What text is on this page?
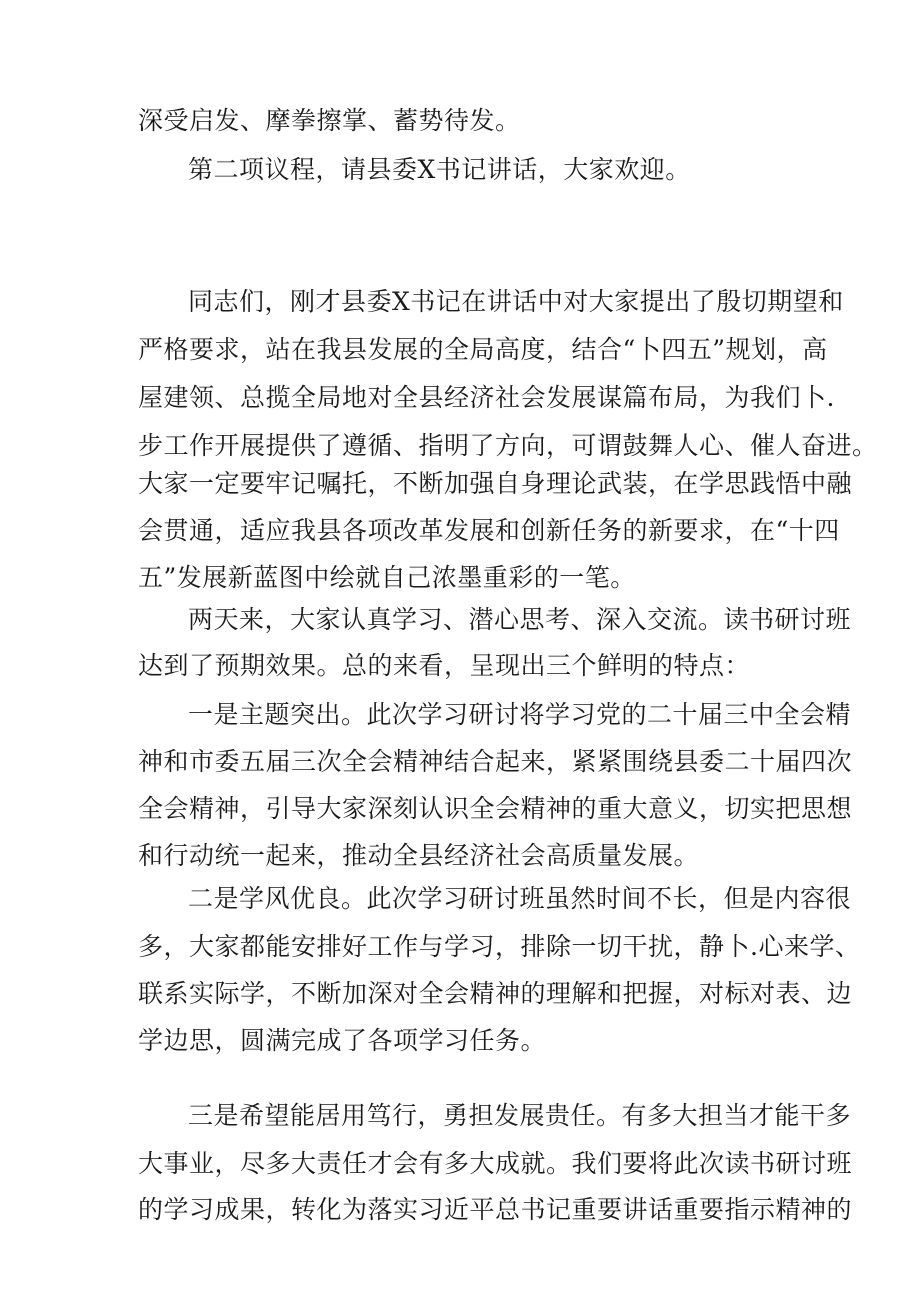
深受启发、摩拳擦掌、蓄势待发。
第二项议程，请县委X书记讲话，大家欢迎。
同志们，刚才县委X书记在讲话中对大家提出了殷切期望和
严格要求，站在我县发展的全局高度，结合“卜四五”规划，高
屋建领、总揽全局地对全县经济社会发展谋篇布局，为我们卜.
步工作开展提供了遵循、指明了方向，可谓鼓舞人心、催人奋进。
大家一定要牢记嘱托，不断加强自身理论武装，在学思践悟中融
会贯通，适应我县各项改革发展和创新任务的新要求，在“十四
五”发展新蓝图中绘就自己浓墨重彩的一笔。
两天来，大家认真学习、潜心思考、深入交流。读书研讨班
达到了预期效果。总的来看，呈现出三个鲜明的特点：
一是主题突出。此次学习研讨将学习党的二十届三中全会精
神和市委五届三次全会精神结合起来，紧紧围绕县委二十届四次
全会精神，引导大家深刻认识全会精神的重大意义，切实把思想
和行动统一起来，推动全县经济社会高质量发展。
二是学风优良。此次学习研讨班虽然时间不长，但是内容很
多，大家都能安排好工作与学习，排除一切干扰，静卜.心来学、
联系实际学，不断加深对全会精神的理解和把握，对标对表、边
学边思，圆满完成了各项学习任务。
三是希望能居用笃行，勇担发展贵任。有多大担当才能干多
大事业，尽多大责任才会有多大成就。我们要将此次读书研讨班
的学习成果，转化为落实习近平总书记重要讲话重要指示精神的
